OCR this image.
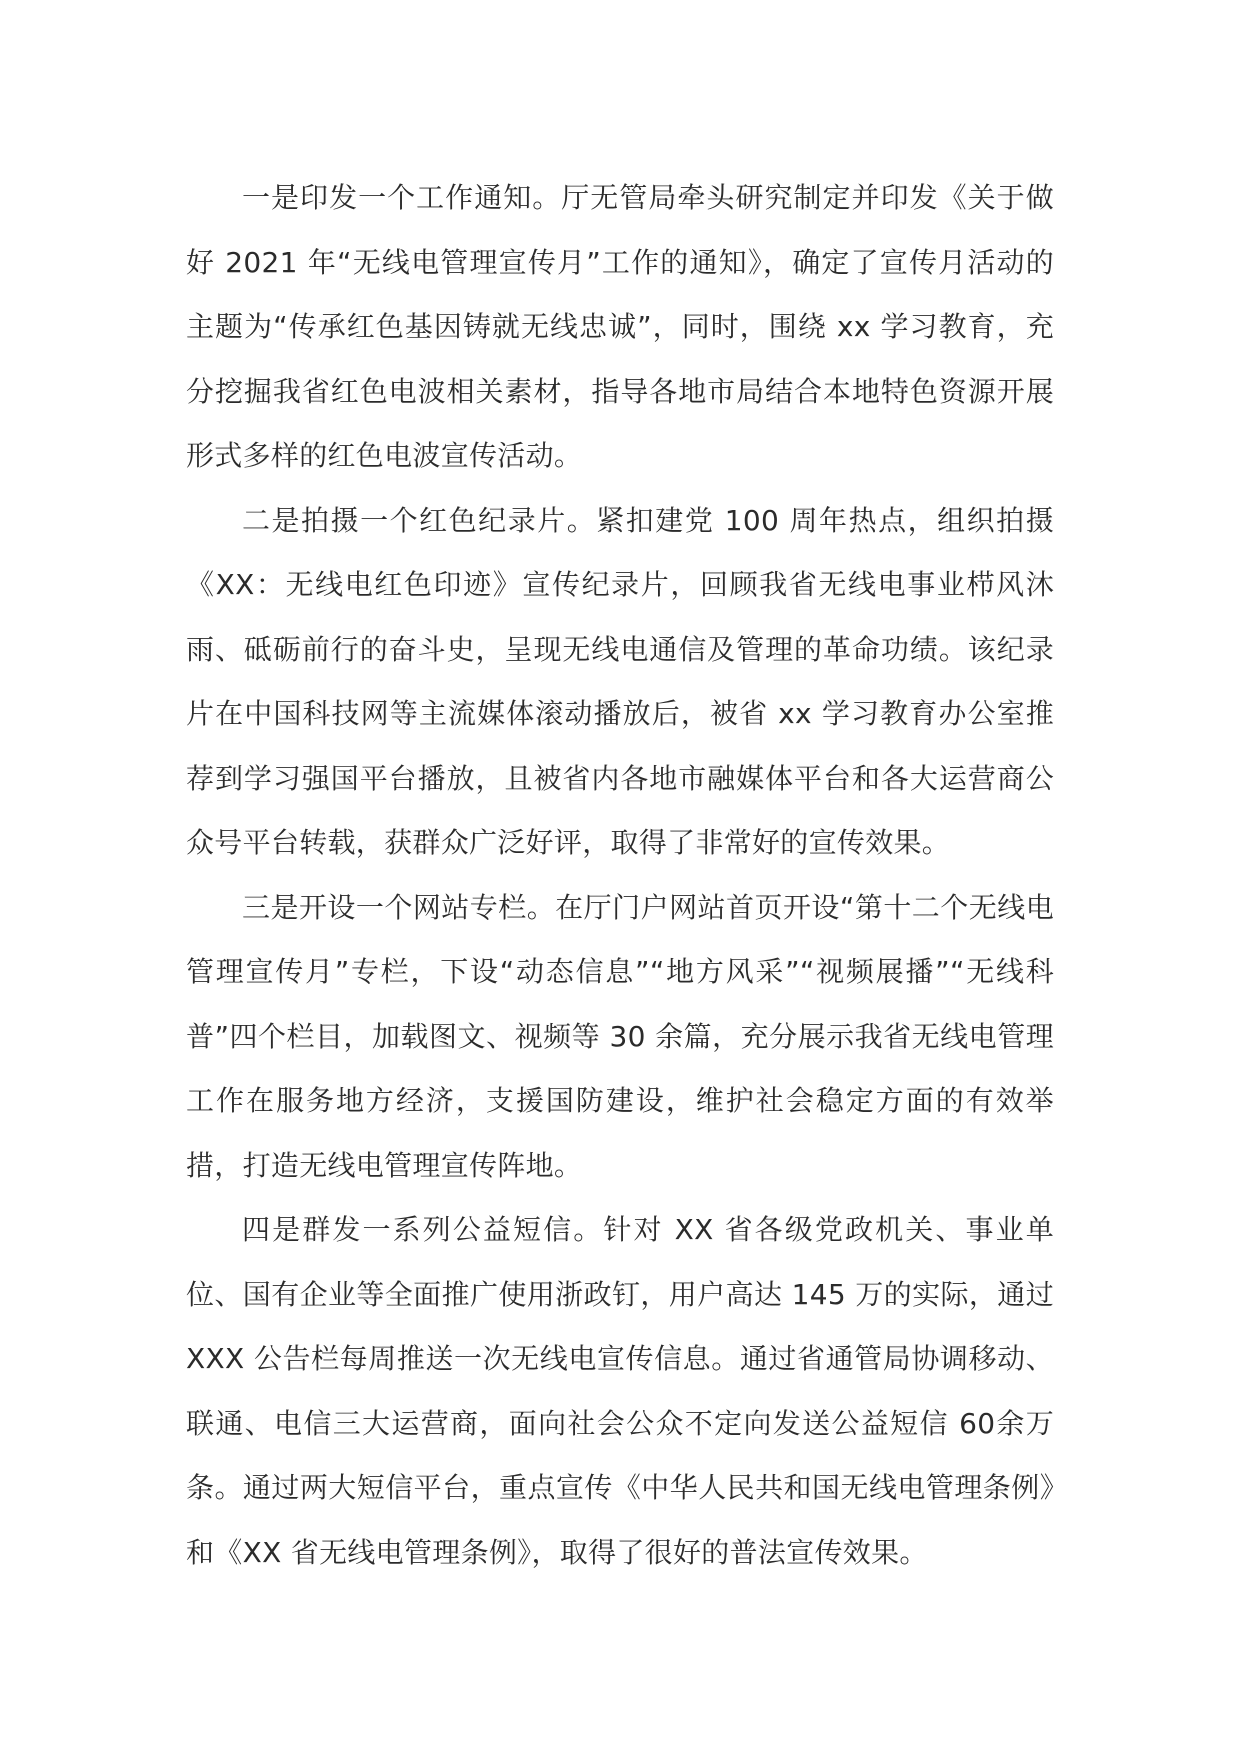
一是印发一个工作通知。厅无管局牵头研究制定并印发《关于做好 2021 年“无线电管理宣传月”工作的通知》，确定了宣传月活动的主题为“传承红色基因铸就无线忠诚”，同时，围绕 xx 学习教育，充分挖掘我省红色电波相关素材，指导各地市局结合本地特色资源开展形式多样的红色电波宣传活动。

二是拍摄一个红色纪录片。紧扣建党 100 周年热点，组织拍摄《XX：无线电红色印迹》宣传纪录片，回顾我省无线电事业栉风沐雨、砥砺前行的奋斗史，呈现无线电通信及管理的革命功绩。该纪录片在中国科技网等主流媒体滚动播放后，被省 xx 学习教育办公室推荐到学习强国平台播放，且被省内各地市融媒体平台和各大运营商公众号平台转载，获群众广泛好评，取得了非常好的宣传效果。

三是开设一个网站专栏。在厅门户网站首页开设“第十二个无线电管理宣传月”专栏，下设“动态信息”“地方风采”“视频展播”“无线科普”四个栏目，加载图文、视频等 30 余篇，充分展示我省无线电管理工作在服务地方经济，支援国防建设，维护社会稳定方面的有效举措，打造无线电管理宣传阵地。

四是群发一系列公益短信。针对 XX 省各级党政机关、事业单位、国有企业等全面推广使用浙政钉，用户高达 145 万的实际，通过 XXX 公告栏每周推送一次无线电宣传信息。通过省通管局协调移动、联通、电信三大运营商，面向社会公众不定向发送公益短信 60余万条。通过两大短信平台，重点宣传《中华人民共和国无线电管理条例》和《XX 省无线电管理条例》，取得了很好的普法宣传效果。
